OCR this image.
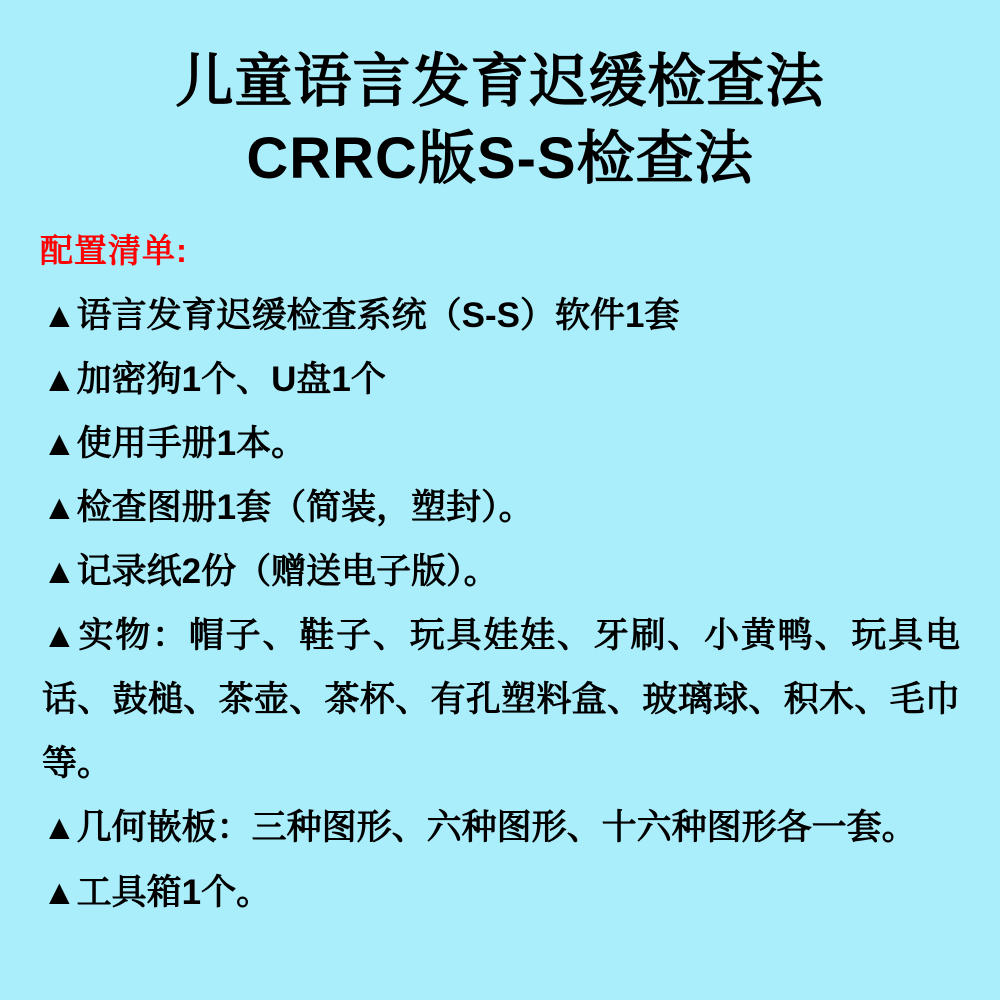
儿童语言发育迟缓检查法
CRRC版S-S检查法
配置清单:

▲语言发育迟缓检查系统（S-S）软件1套

▲加密狗1个、U盘1个

▲使用手册1本。

▲检查图册1套（简装，塑封）。

▲记录纸2份（赠送电子版）。

▲实物：帽子、鞋子、玩具娃娃、牙刷、小黄鸭、玩具电话、鼓槌、茶壶、茶杯、有孔塑料盒、玻璃球、积木、毛巾等。

▲几何嵌板：三种图形、六种图形、十六种图形各一套。

▲工具箱1个。
